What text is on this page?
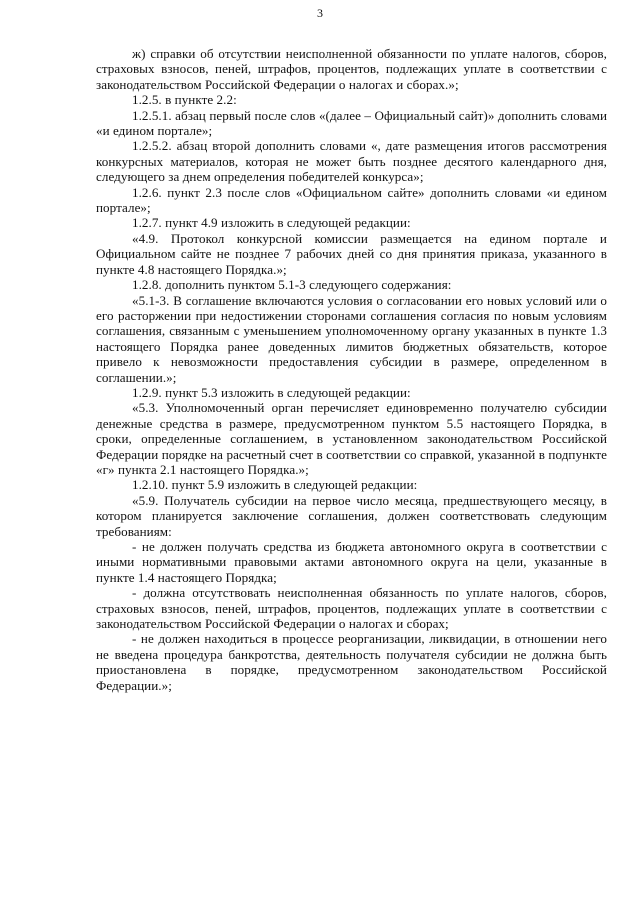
3

ж) справки об отсутствии неисполненной обязанности по уплате налогов, сборов, страховых взносов, пеней, штрафов, процентов, подлежащих уплате в соответствии с законодательством Российской Федерации о налогах и сборах.»;

1.2.5. в пункте 2.2:

1.2.5.1. абзац первый после слов «(далее – Официальный сайт)» дополнить словами «и едином портале»;

1.2.5.2. абзац второй дополнить словами «, дате размещения итогов рассмотрения конкурсных материалов, которая не может быть позднее десятого календарного дня, следующего за днем определения победителей конкурса»;

1.2.6. пункт 2.3 после слов «Официальном сайте» дополнить словами «и едином портале»;

1.2.7. пункт 4.9 изложить в следующей редакции:

«4.9. Протокол конкурсной комиссии размещается на едином портале и Официальном сайте не позднее 7 рабочих дней со дня принятия приказа, указанного в пункте 4.8 настоящего Порядка.»;

1.2.8. дополнить пунктом 5.1-3 следующего содержания:

«5.1-3. В соглашение включаются условия о согласовании его новых условий или о его расторжении при недостижении сторонами соглашения согласия по новым условиям соглашения, связанным с уменьшением уполномоченному органу указанных в пункте 1.3 настоящего Порядка ранее доведенных лимитов бюджетных обязательств, которое привело к невозможности предоставления субсидии в размере, определенном в соглашении.»;

1.2.9. пункт 5.3 изложить в следующей редакции:

«5.3. Уполномоченный орган перечисляет единовременно получателю субсидии денежные средства в размере, предусмотренном пунктом 5.5 настоящего Порядка, в сроки, определенные соглашением, в установленном законодательством Российской Федерации порядке на расчетный счет в соответствии со справкой, указанной в подпункте «г» пункта 2.1 настоящего Порядка.»;

1.2.10. пункт 5.9 изложить в следующей редакции:

«5.9. Получатель субсидии на первое число месяца, предшествующего месяцу, в котором планируется заключение соглашения, должен соответствовать следующим требованиям:

- не должен получать средства из бюджета автономного округа в соответствии с иными нормативными правовыми актами автономного округа на цели, указанные в пункте 1.4 настоящего Порядка;

- должна отсутствовать неисполненная обязанность по уплате налогов, сборов, страховых взносов, пеней, штрафов, процентов, подлежащих уплате в соответствии с законодательством Российской Федерации о налогах и сборах;

- не должен находиться в процессе реорганизации, ликвидации, в отношении него не введена процедура банкротства, деятельность получателя субсидии не должна быть приостановлена в порядке, предусмотренном законодательством Российской Федерации.»;
